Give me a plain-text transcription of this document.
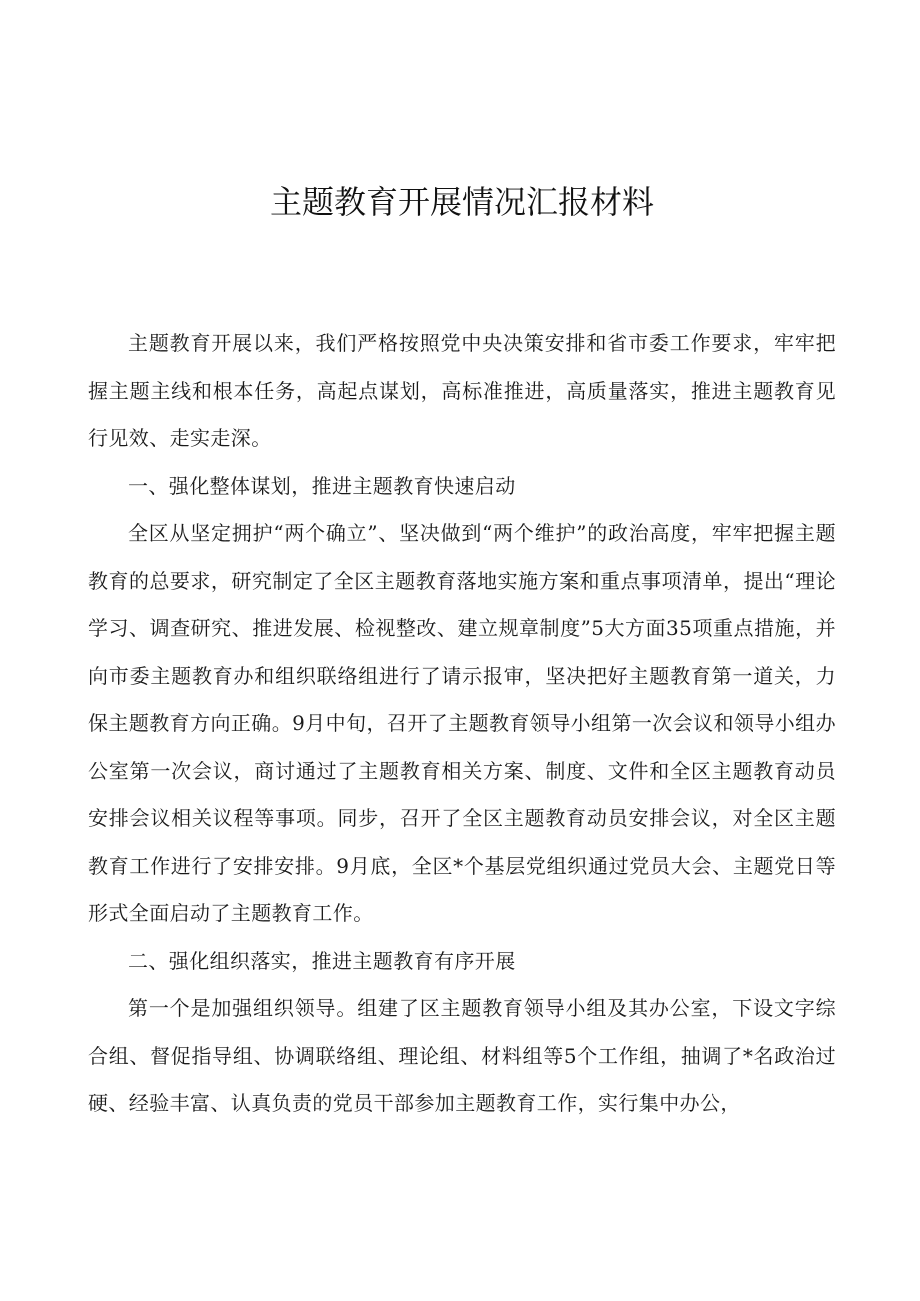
主题教育开展情况汇报材料

主题教育开展以来，我们严格按照党中央决策安排和省市委工作要求，牢牢把握主题主线和根本任务，高起点谋划，高标准推进，高质量落实，推进主题教育见行见效、走实走深。

一、强化整体谋划，推进主题教育快速启动

全区从坚定拥护“两个确立”、坚决做到“两个维护”的政治高度，牢牢把握主题教育的总要求，研究制定了全区主题教育落地实施方案和重点事项清单，提出“理论学习、调查研究、推进发展、检视整改、建立规章制度”5大方面35项重点措施，并向市委主题教育办和组织联络组进行了请示报审，坚决把好主题教育第一道关，力保主题教育方向正确。9月中旬，召开了主题教育领导小组第一次会议和领导小组办公室第一次会议，商讨通过了主题教育相关方案、制度、文件和全区主题教育动员安排会议相关议程等事项。同步，召开了全区主题教育动员安排会议，对全区主题教育工作进行了安排安排。9月底，全区*个基层党组织通过党员大会、主题党日等形式全面启动了主题教育工作。

二、强化组织落实，推进主题教育有序开展

第一个是加强组织领导。组建了区主题教育领导小组及其办公室，下设文字综合组、督促指导组、协调联络组、理论组、材料组等5个工作组，抽调了*名政治过硬、经验丰富、认真负责的党员干部参加主题教育工作，实行集中办公，
